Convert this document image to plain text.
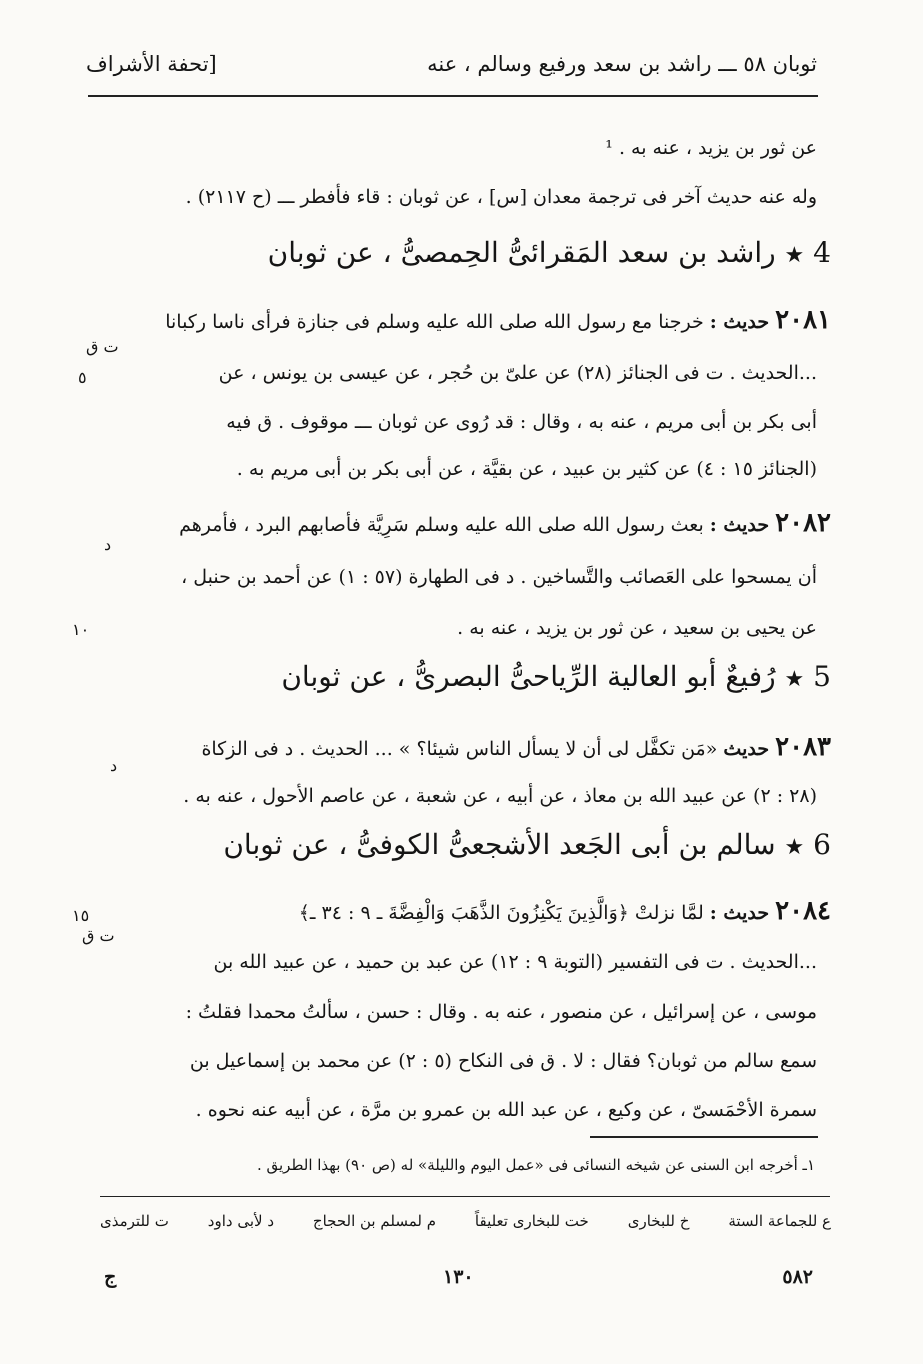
ثوبان ٥٨ ـــ راشد بن سعد ورفيع وسالم ، عنه
[تحفة الأشراف
عن ثور بن يزيد ، عنه به . ¹
وله عنه حديث آخر فى ترجمة معدان [س] ، عن ثوبان : قاء فأفطر ـــ (ح ٢١١٧) .
4 ★ راشد بن سعد المَقرائىُّ الحِمصىُّ ، عن ثوبان
٢٠٨١ حديث : خرجنا مع رسول الله صلى الله عليه وسلم فى جنازة فرأى ناسا ركبانا
ت ق
...الحديث . ت فى الجنائز (٢٨) عن علىّ بن حُجر ، عن عيسى بن يونس ، عن
٥
أبى بكر بن أبى مريم ، عنه به ، وقال : قد رُوى عن ثوبان ـــ موقوف . ق فيه
(الجنائز ١٥ : ٤) عن كثير بن عبيد ، عن بقيَّة ، عن أبى بكر بن أبى مريم به .
٢٠٨٢ حديث : بعث رسول الله صلى الله عليه وسلم سَرِيَّة فأصابهم البرد ، فأمرهم
د
أن يمسحوا على العَصائب والتَّساخين . د فى الطهارة (٥٧ : ١) عن أحمد بن حنبل ،
عن يحيى بن سعيد ، عن ثور بن يزيد ، عنه به .
١٠
5 ★ رُفيعٌ أبو العالية الرِّياحىُّ البصرىُّ ، عن ثوبان
٢٠٨٣ حديث «مَن تكفَّل لى أن لا يسأل الناس شيئا؟ » ... الحديث . د فى الزكاة
د
(٢٨ : ٢) عن عبيد الله بن معاذ ، عن أبيه ، عن شعبة ، عن عاصم الأحول ، عنه به .
6 ★ سالم بن أبى الجَعد الأشجعىُّ الكوفىُّ ، عن ثوبان
٢٠٨٤ حديث : لمَّا نزلتْ ﴿وَالَّذِينَ يَكْنِزُونَ الذَّهَبَ وَالْفِضَّةَ ـ ٩ : ٣٤ ـ﴾
١٥
ت ق
...الحديث . ت فى التفسير (التوبة ٩ : ١٢) عن عبد بن حميد ، عن عبيد الله بن
موسى ، عن إسرائيل ، عن منصور ، عنه به . وقال : حسن ، سألتُ محمدا فقلتُ :
سمع سالم من ثوبان؟ فقال : لا . ق فى النكاح (٥ : ٢) عن محمد بن إسماعيل بن
سمرة الأحْمَسىّ ، عن وكيع ، عن عبد الله بن عمرو بن مرَّة ، عن أبيه عنه نحوه .
١ـ أخرجه ابن السنى عن شيخه النسائى فى «عمل اليوم والليلة» له (ص ٩٠) بهذا الطريق .
ع للجماعة الستة
خ للبخارى
خت للبخارى تعليقاً
م لمسلم بن الحجاج
د لأبى داود
ت للترمذى
٥٨٢
١٣٠
ج
